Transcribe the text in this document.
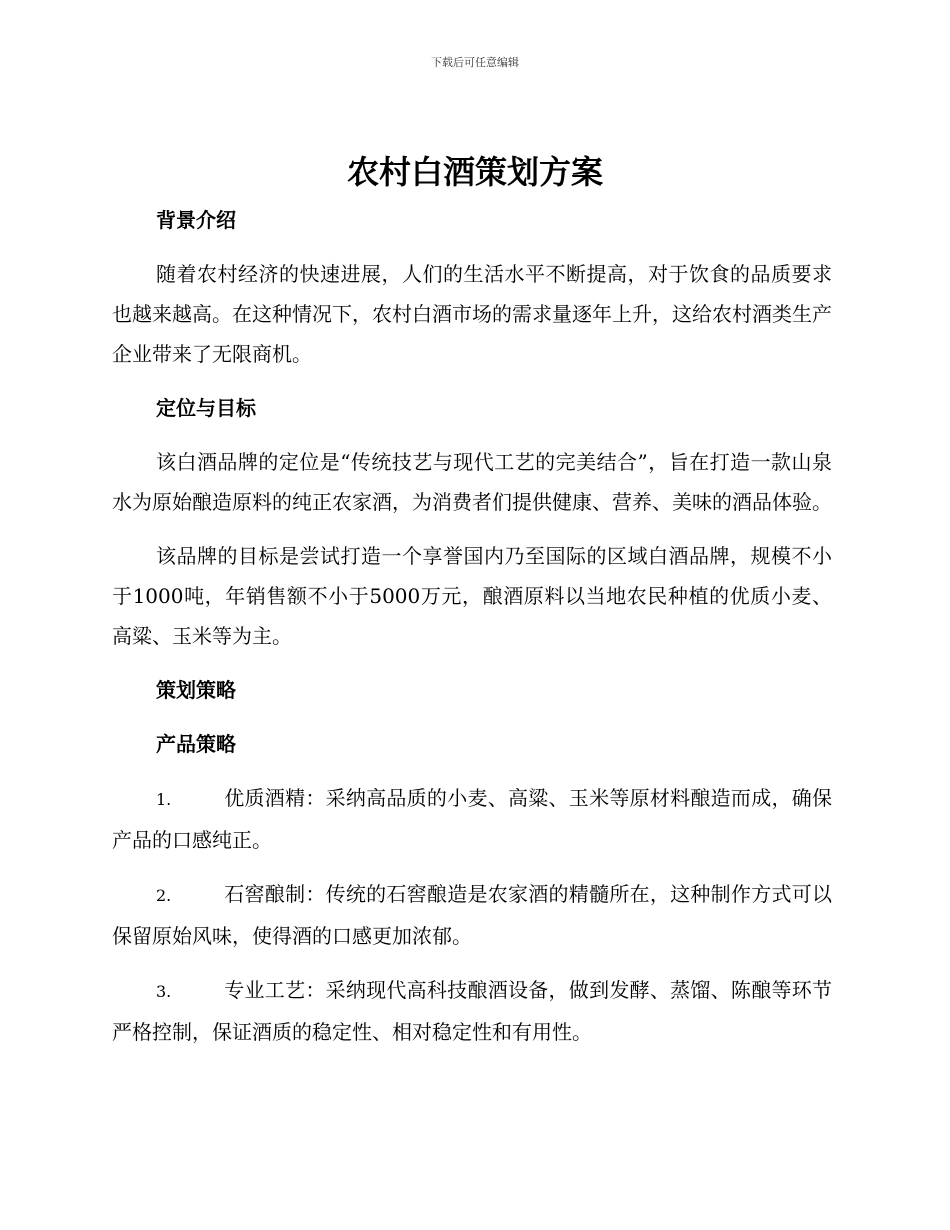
下载后可任意编辑
农村白酒策划方案

背景介绍

随着农村经济的快速进展，人们的生活水平不断提高，对于饮食的品质要求也越来越高。在这种情况下，农村白酒市场的需求量逐年上升，这给农村酒类生产企业带来了无限商机。

定位与目标

该白酒品牌的定位是“传统技艺与现代工艺的完美结合”，旨在打造一款山泉水为原始酿造原料的纯正农家酒，为消费者们提供健康、营养、美味的酒品体验。

该品牌的目标是尝试打造一个享誉国内乃至国际的区域白酒品牌，规模不小于1000吨，年销售额不小于5000万元，酿酒原料以当地农民种植的优质小麦、高粱、玉米等为主。

策划策略

产品策略

1.	优质酒精：采纳高品质的小麦、高粱、玉米等原材料酿造而成，确保产品的口感纯正。

2.	石窖酿制：传统的石窖酿造是农家酒的精髓所在，这种制作方式可以保留原始风味，使得酒的口感更加浓郁。

3.	专业工艺：采纳现代高科技酿酒设备，做到发酵、蒸馏、陈酿等环节严格控制，保证酒质的稳定性、相对稳定性和有用性。
